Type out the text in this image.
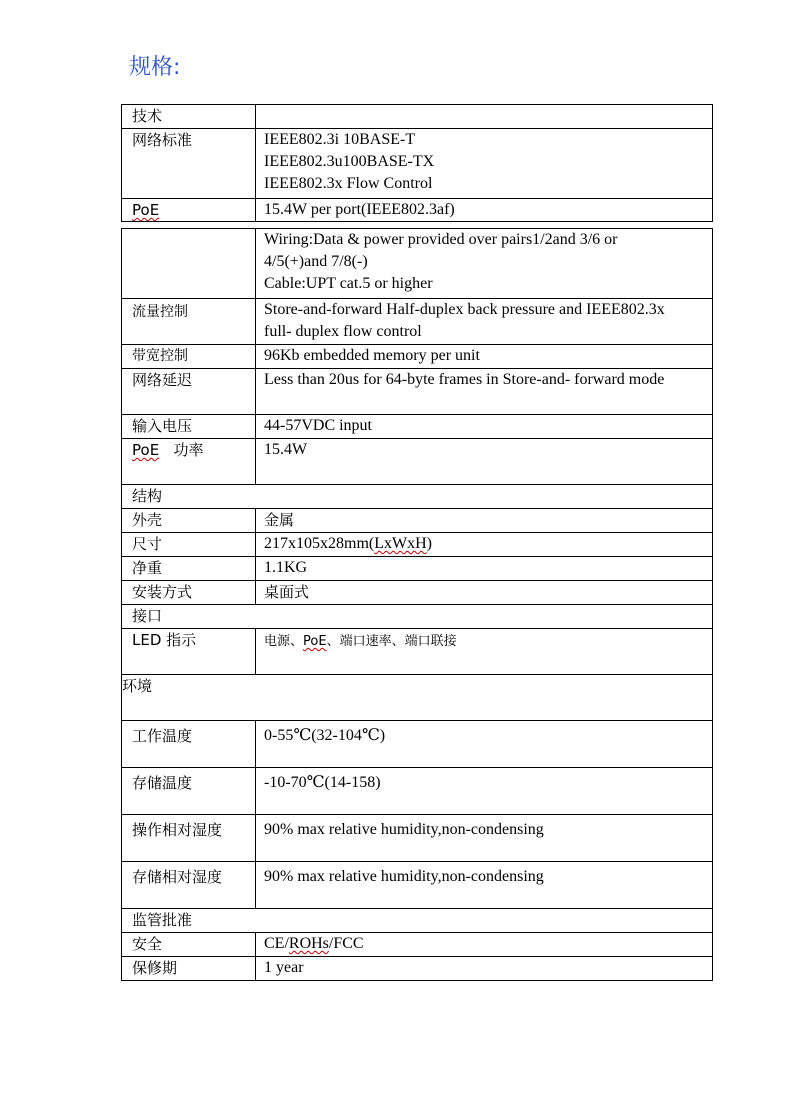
规格:
技术	
网络标准	IEEE802.3i 10BASE-T
IEEE802.3u100BASE-TX
IEEE802.3x Flow Control

PoE	15.4W per port(IEEE802.3af)

	Wiring:Data & power provided over pairs1/2and 3/6 or
4/5(+)and 7/8(-)
Cable:UPT cat.5 or higher

流量控制	Store-and-forward Half-duplex back pressure and IEEE802.3x
full- duplex flow control

带宽控制	96Kb embedded memory per unit
网络延迟	Less than 20us for 64-byte frames in Store-and- forward mode
输入电压	44-57VDC input
PoE 功率	15.4W
结构	
外壳	金属
尺寸	217x105x28mm(LxWxH)
净重	1.1KG
安装方式	桌面式
接口	
LED 指示	电源、PoE、端口速率、端口联接
环境	
工作温度	0-55℃(32-104℃)
存储温度	-10-70℃(14-158)
操作相对湿度	90% max relative humidity,non-condensing
存储相对湿度	90% max relative humidity,non-condensing
监管批准	
安全	CE/ROHs/FCC
保修期	1 year
